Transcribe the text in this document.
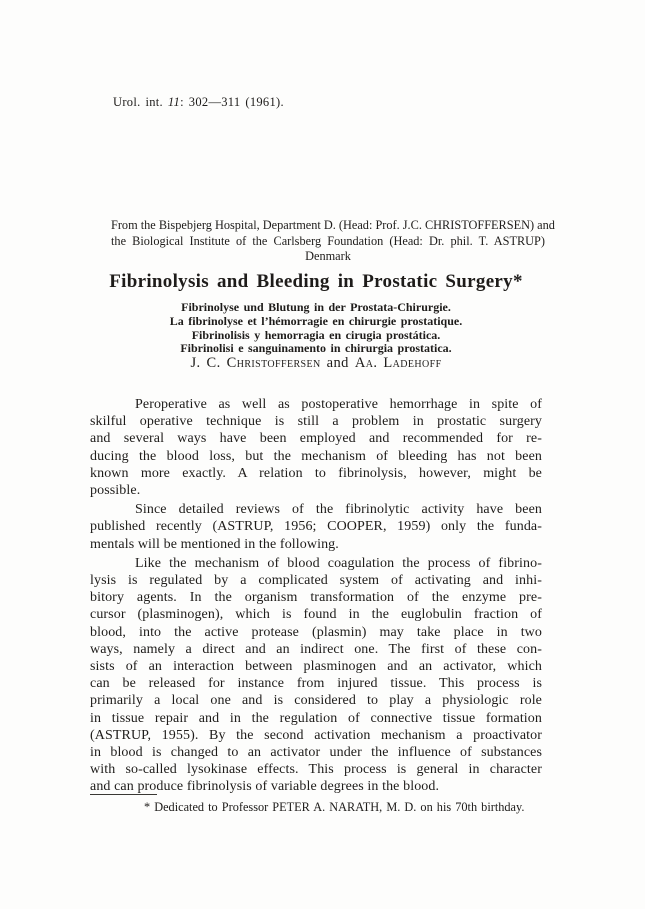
Urol. int. 11: 302—311 (1961).
From the Bispebjerg Hospital, Department D. (Head: Prof. J.C. CHRISTOFFERSEN) and
the Biological Institute of the Carlsberg Foundation (Head: Dr. phil. T. ASTRUP)
Denmark
Fibrinolysis and Bleeding in Prostatic Surgery*
Fibrinolyse und Blutung in der Prostata-Chirurgie.
La fibrinolyse et l’hémorragie en chirurgie prostatique.
Fibrinolisis y hemorragia en cirugia prostática.
Fibrinolisi e sanguinamento in chirurgia prostatica.
J. C. Christoffersen and Aa. Ladehoff
Peroperative as well as postoperative hemorrhage in spite of
skilful operative technique is still a problem in prostatic surgery
and several ways have been employed and recommended for re-
ducing the blood loss, but the mechanism of bleeding has not been
known more exactly. A relation to fibrinolysis, however, might be
possible.
Since detailed reviews of the fibrinolytic activity have been
published recently (ASTRUP, 1956; COOPER, 1959) only the funda-
mentals will be mentioned in the following.
Like the mechanism of blood coagulation the process of fibrino-
lysis is regulated by a complicated system of activating and inhi-
bitory agents. In the organism transformation of the enzyme pre-
cursor (plasminogen), which is found in the euglobulin fraction of
blood, into the active protease (plasmin) may take place in two
ways, namely a direct and an indirect one. The first of these con-
sists of an interaction between plasminogen and an activator, which
can be released for instance from injured tissue. This process is
primarily a local one and is considered to play a physiologic role
in tissue repair and in the regulation of connective tissue formation
(ASTRUP, 1955). By the second activation mechanism a proactivator
in blood is changed to an activator under the influence of substances
with so-called lysokinase effects. This process is general in character
and can produce fibrinolysis of variable degrees in the blood.
* Dedicated to Professor PETER A. NARATH, M. D. on his 70th birthday.
